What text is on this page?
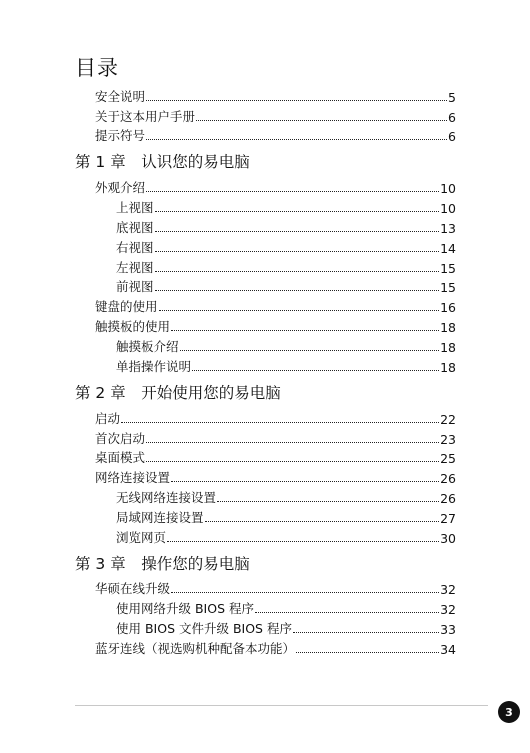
目录
安全说明	5
关于这本用户手册	6
提示符号	6
第 1 章　认识您的易电脑
外观介绍	10
上视图	10
底视图	13
右视图	14
左视图	15
前视图	15
键盘的使用	16
触摸板的使用	18
触摸板介绍	18
单指操作说明	18
第 2 章　开始使用您的易电脑
启动	22
首次启动	23
桌面模式	25
网络连接设置	26
无线网络连接设置	26
局域网连接设置	27
浏览网页	30
第 3 章　操作您的易电脑
华硕在线升级	32
使用网络升级 BIOS 程序	32
使用 BIOS 文件升级 BIOS 程序	33
蓝牙连线（视选购机种配备本功能）	34
3
